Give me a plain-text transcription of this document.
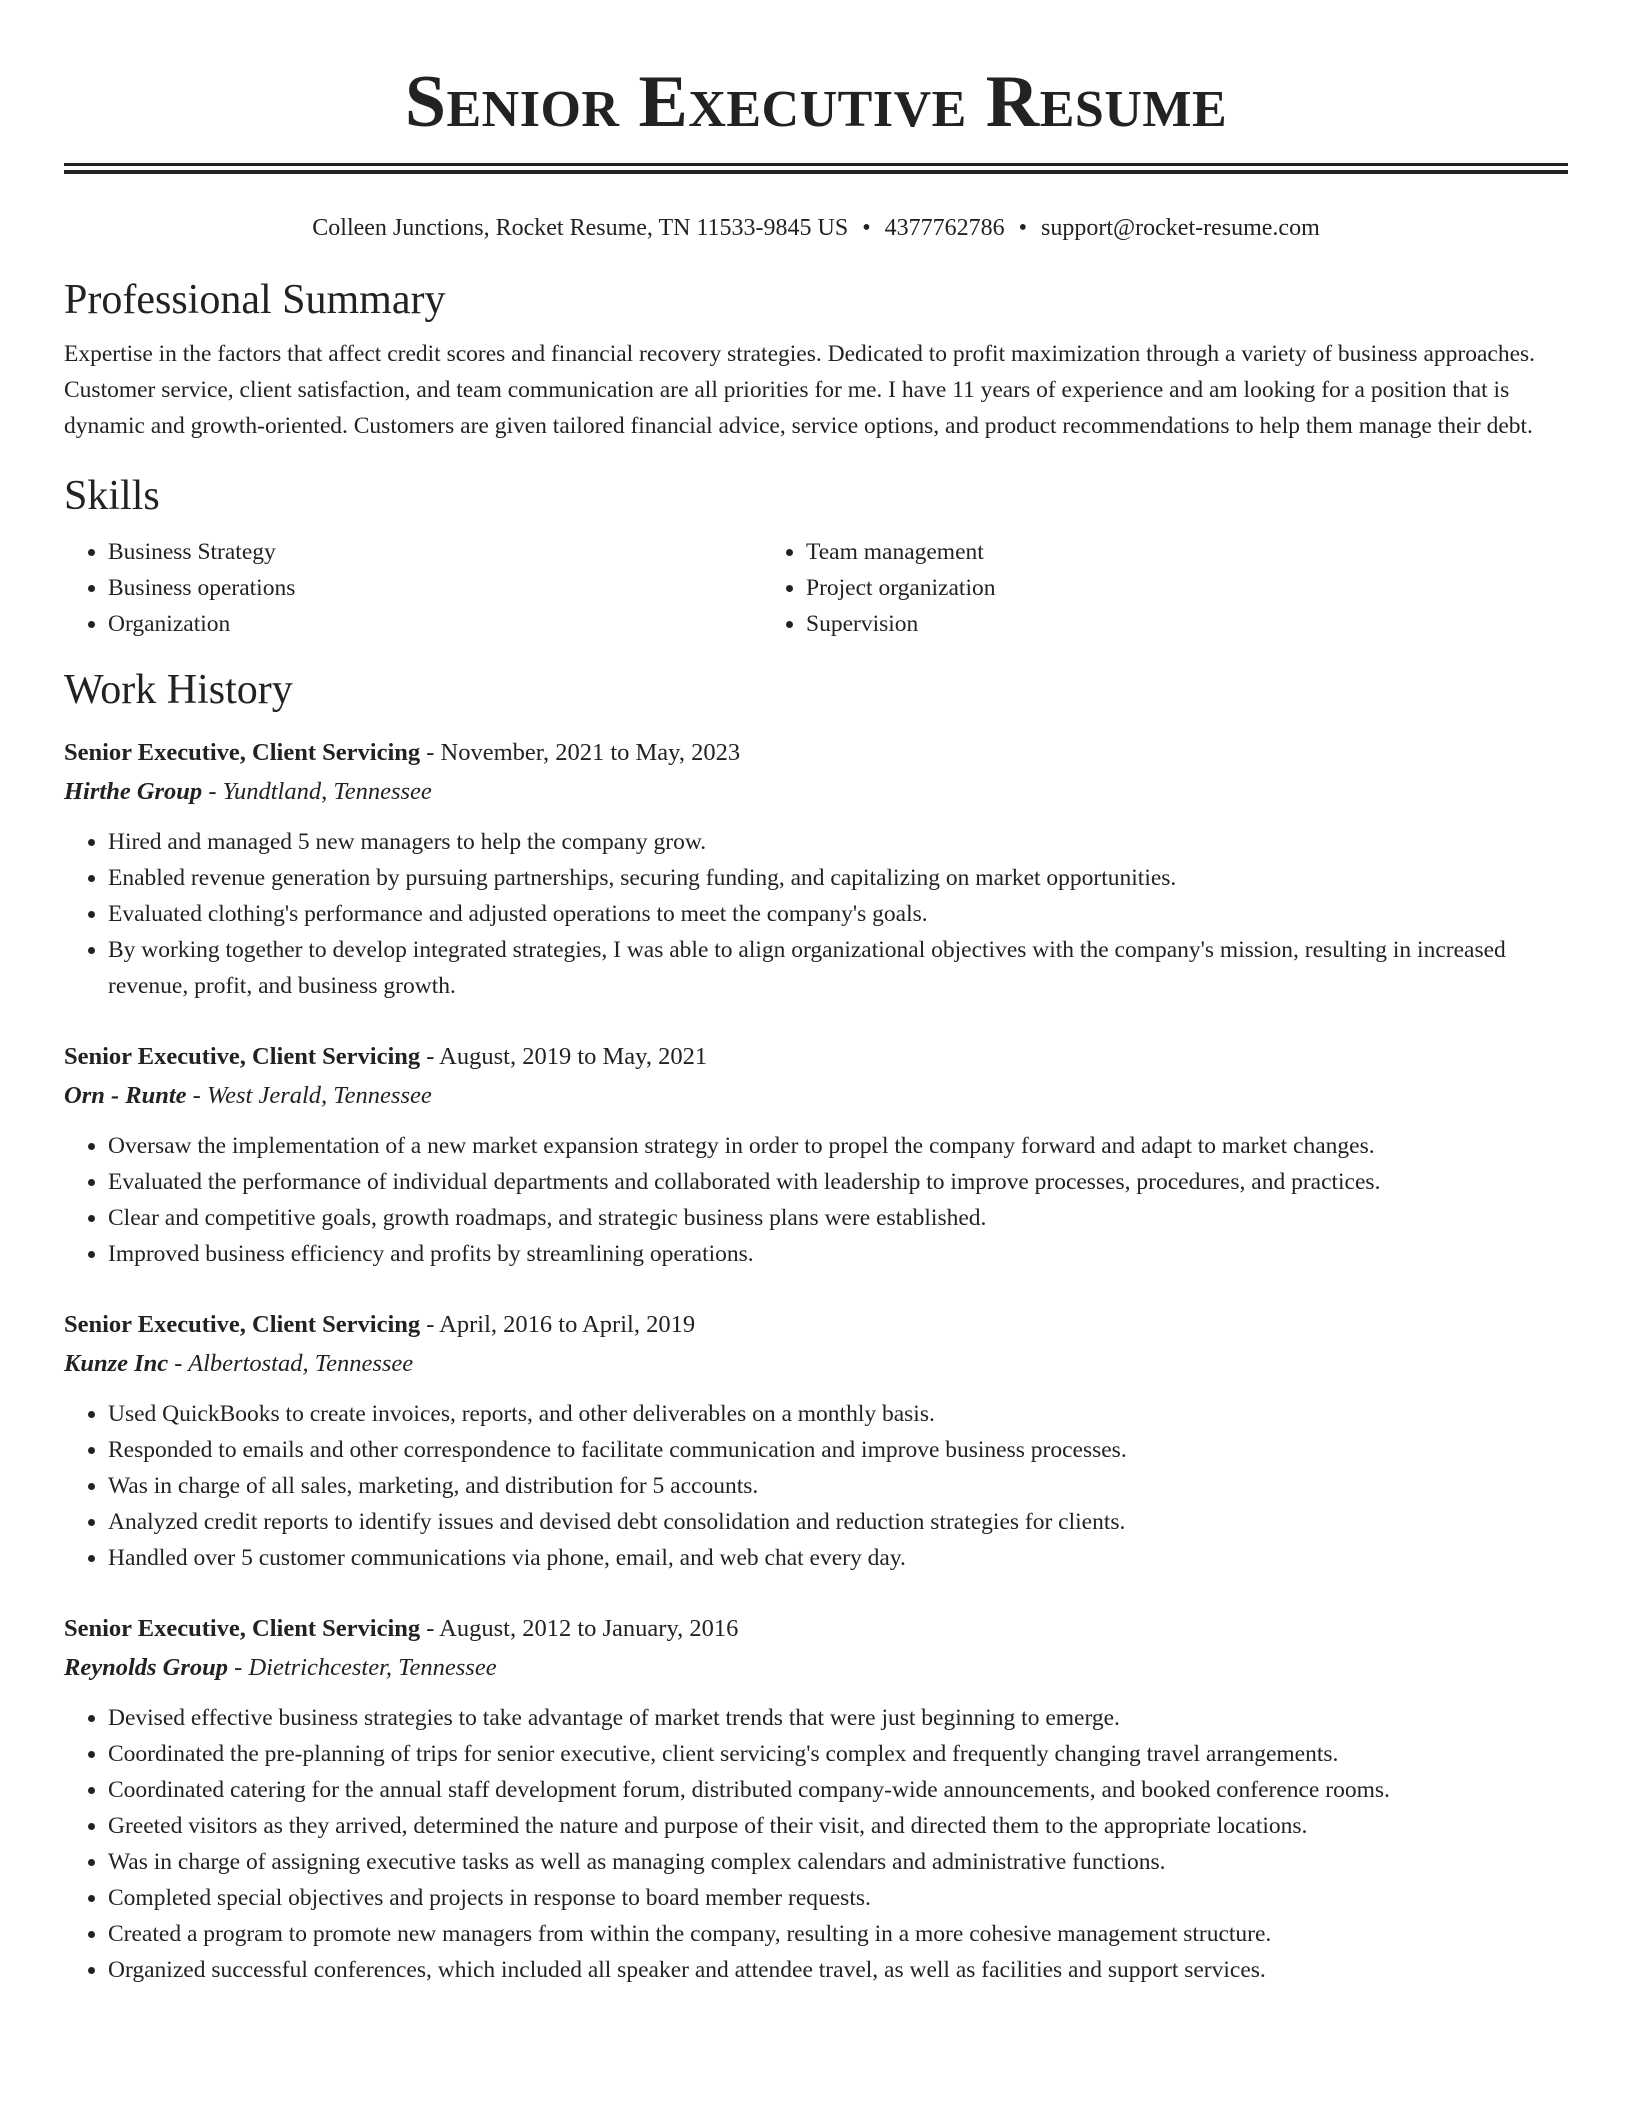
Senior Executive Resume
Colleen Junctions, Rocket Resume, TN 11533-9845 US • 4377762786 • support@rocket-resume.com
Professional Summary

Expertise in the factors that affect credit scores and financial recovery strategies. Dedicated to profit maximization through a variety of business approaches. Customer service, client satisfaction, and team communication are all priorities for me. I have 11 years of experience and am looking for a position that is dynamic and growth-oriented. Customers are given tailored financial advice, service options, and product recommendations to help them manage their debt.

Skills
• Business Strategy
• Business operations
• Organization
• Team management
• Project organization
• Supervision
Work History
Senior Executive, Client Servicing - November, 2021 to May, 2023
Hirthe Group - Yundtland, Tennessee
• Hired and managed 5 new managers to help the company grow.
• Enabled revenue generation by pursuing partnerships, securing funding, and capitalizing on market opportunities.
• Evaluated clothing's performance and adjusted operations to meet the company's goals.
• By working together to develop integrated strategies, I was able to align organizational objectives with the company's mission, resulting in increased revenue, profit, and business growth.
Senior Executive, Client Servicing - August, 2019 to May, 2021
Orn - Runte - West Jerald, Tennessee
• Oversaw the implementation of a new market expansion strategy in order to propel the company forward and adapt to market changes.
• Evaluated the performance of individual departments and collaborated with leadership to improve processes, procedures, and practices.
• Clear and competitive goals, growth roadmaps, and strategic business plans were established.
• Improved business efficiency and profits by streamlining operations.
Senior Executive, Client Servicing - April, 2016 to April, 2019
Kunze Inc - Albertostad, Tennessee
• Used QuickBooks to create invoices, reports, and other deliverables on a monthly basis.
• Responded to emails and other correspondence to facilitate communication and improve business processes.
• Was in charge of all sales, marketing, and distribution for 5 accounts.
• Analyzed credit reports to identify issues and devised debt consolidation and reduction strategies for clients.
• Handled over 5 customer communications via phone, email, and web chat every day.
Senior Executive, Client Servicing - August, 2012 to January, 2016
Reynolds Group - Dietrichcester, Tennessee
• Devised effective business strategies to take advantage of market trends that were just beginning to emerge.
• Coordinated the pre-planning of trips for senior executive, client servicing's complex and frequently changing travel arrangements.
• Coordinated catering for the annual staff development forum, distributed company-wide announcements, and booked conference rooms.
• Greeted visitors as they arrived, determined the nature and purpose of their visit, and directed them to the appropriate locations.
• Was in charge of assigning executive tasks as well as managing complex calendars and administrative functions.
• Completed special objectives and projects in response to board member requests.
• Created a program to promote new managers from within the company, resulting in a more cohesive management structure.
• Organized successful conferences, which included all speaker and attendee travel, as well as facilities and support services.
